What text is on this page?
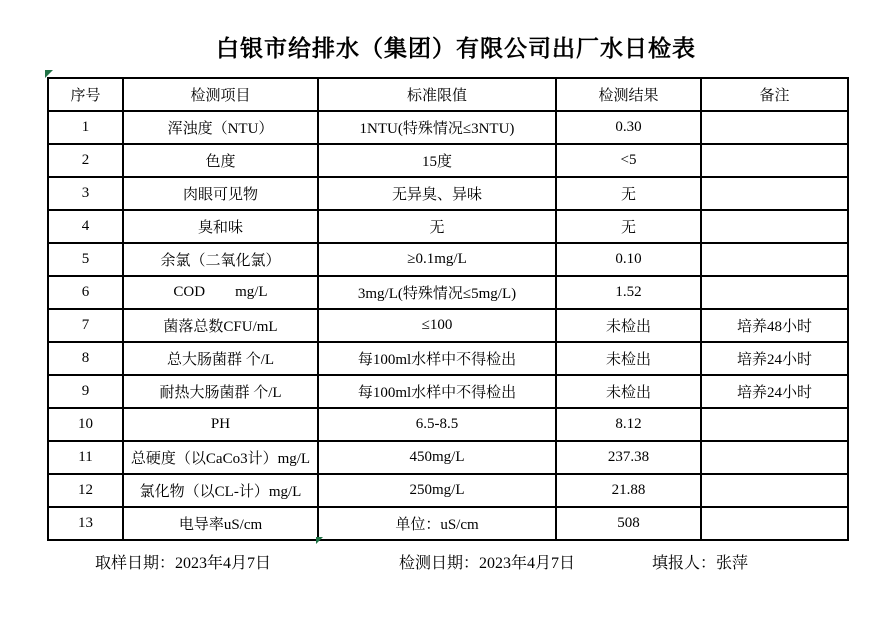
白银市给排水（集团）有限公司出厂水日检表
序号	检测项目	标准限值	检测结果	备注
1	浑浊度（NTU）	1NTU(特殊情况≤3NTU)	0.30	
2	色度	15度	<5	
3	肉眼可见物	无异臭、异味	无	
4	臭和味	无	无	
5	余氯（二氧化氯）	≥0.1mg/L	0.10	
6	COD        mg/L	3mg/L(特殊情况≤5mg/L)	1.52	
7	菌落总数CFU/mL	≤100	未检出	培养48小时
8	总大肠菌群 个/L	每100ml水样中不得检出	未检出	培养24小时
9	耐热大肠菌群 个/L	每100ml水样中不得检出	未检出	培养24小时
10	PH	6.5-8.5	8.12	
11	总硬度（以CaCo3计）mg/L	450mg/L	237.38	
12	氯化物（以CL-计）mg/L	250mg/L	21.88	
13	电导率uS/cm	单位：uS/cm	508	
取样日期：2023年4月7日	检测日期：2023年4月7日	填报人：张萍
